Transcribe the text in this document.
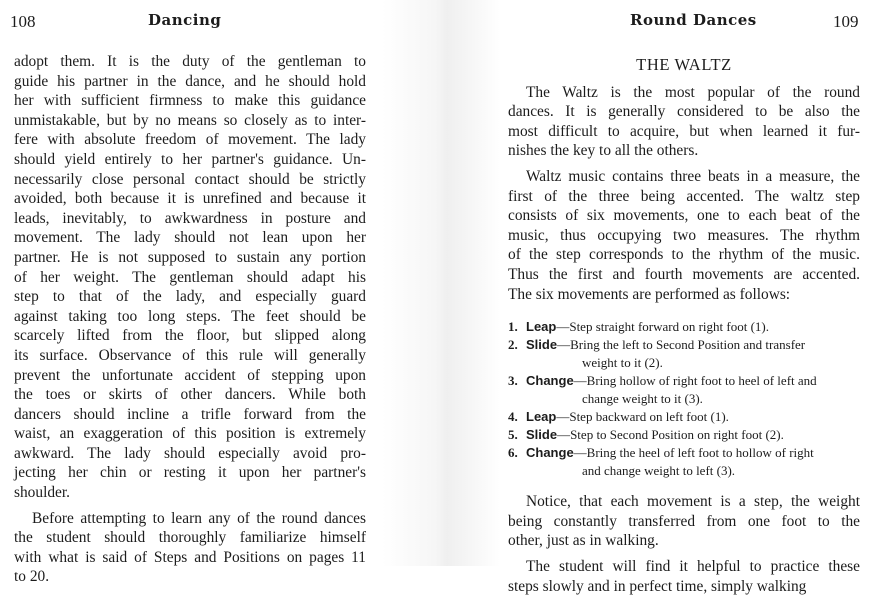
108	Dancing
adopt them. It is the duty of the gentleman to
guide his partner in the dance, and he should hold
her with sufficient firmness to make this guidance
unmistakable, but by no means so closely as to inter-
fere with absolute freedom of movement. The lady
should yield entirely to her partner's guidance. Un-
necessarily close personal contact should be strictly
avoided, both because it is unrefined and because it
leads, inevitably, to awkwardness in posture and
movement. The lady should not lean upon her
partner. He is not supposed to sustain any portion
of her weight. The gentleman should adapt his
step to that of the lady, and especially guard
against taking too long steps. The feet should be
scarcely lifted from the floor, but slipped along
its surface. Observance of this rule will generally
prevent the unfortunate accident of stepping upon
the toes or skirts of other dancers. While both
dancers should incline a trifle forward from the
waist, an exaggeration of this position is extremely
awkward. The lady should especially avoid pro-
jecting her chin or resting it upon her partner's
shoulder.
Before attempting to learn any of the round dances
the student should thoroughly familiarize himself
with what is said of Steps and Positions on pages 11
to 20.
Round Dances	109
THE WALTZ
The Waltz is the most popular of the round
dances. It is generally considered to be also the
most difficult to acquire, but when learned it fur-
nishes the key to all the others.
Waltz music contains three beats in a measure, the
first of the three being accented. The waltz step
consists of six movements, one to each beat of the
music, thus occupying two measures. The rhythm
of the step corresponds to the rhythm of the music.
Thus the first and fourth movements are accented.
The six movements are performed as follows:
1. Leap—Step straight forward on right foot (1).
2. Slide—Bring the left to Second Position and transfer
weight to it (2).
3. Change—Bring hollow of right foot to heel of left and
change weight to it (3).
4. Leap—Step backward on left foot (1).
5. Slide—Step to Second Position on right foot (2).
6. Change—Bring the heel of left foot to hollow of right
and change weight to left (3).
Notice, that each movement is a step, the weight
being constantly transferred from one foot to the
other, just as in walking.
The student will find it helpful to practice these
steps slowly and in perfect time, simply walking
